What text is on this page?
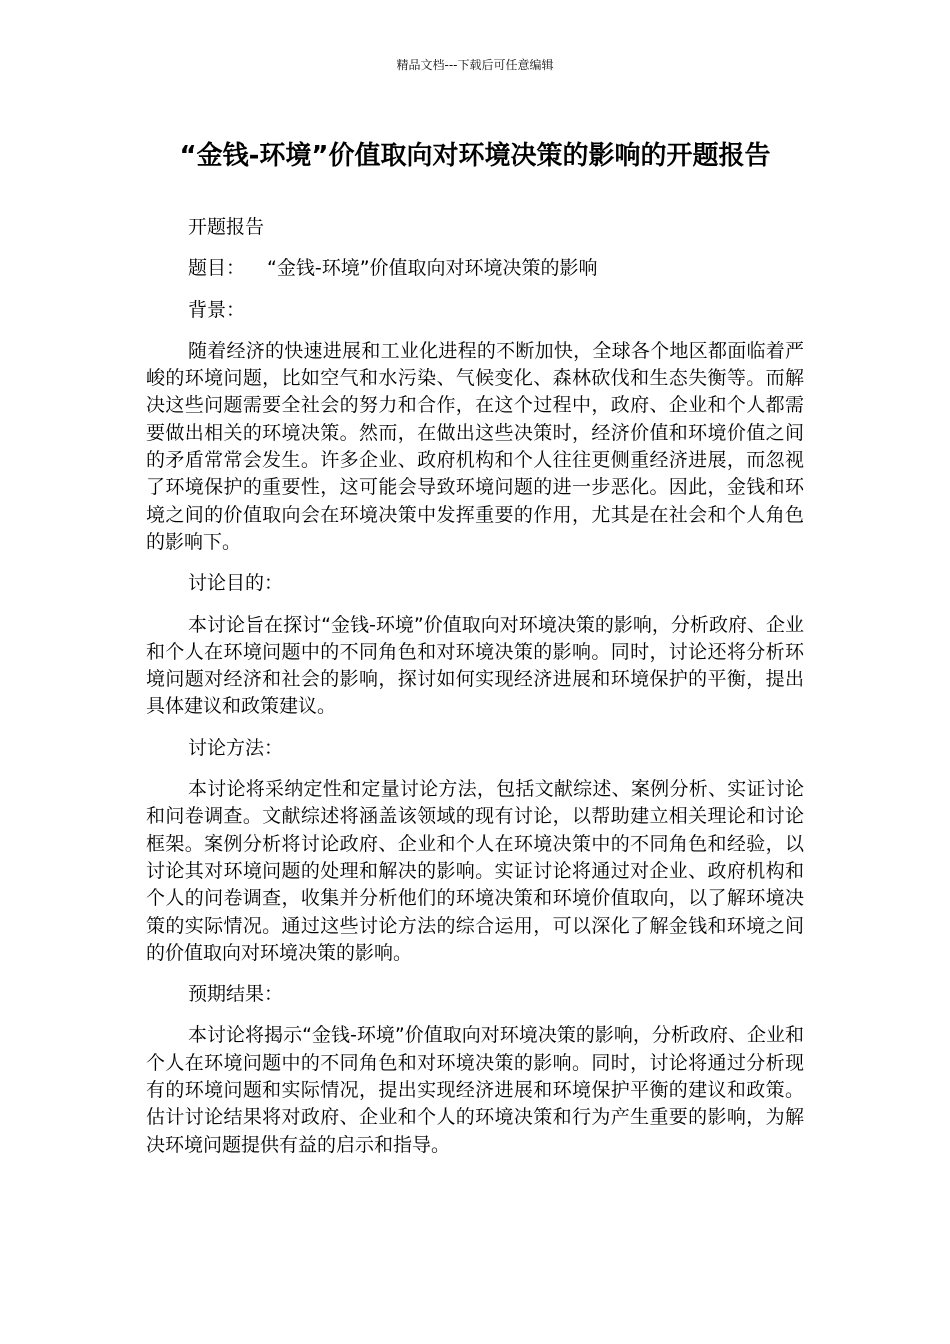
精品文档---下载后可任意编辑
“金钱-环境”价值取向对环境决策的影响的开题报告

开题报告

题目： “金钱-环境”价值取向对环境决策的影响

背景：

随着经济的快速进展和工业化进程的不断加快，全球各个地区都面临着严峻的环境问题，比如空气和水污染、气候变化、森林砍伐和生态失衡等。而解决这些问题需要全社会的努力和合作，在这个过程中，政府、企业和个人都需要做出相关的环境决策。然而，在做出这些决策时，经济价值和环境价值之间的矛盾常常会发生。许多企业、政府机构和个人往往更侧重经济进展，而忽视了环境保护的重要性，这可能会导致环境问题的进一步恶化。因此，金钱和环境之间的价值取向会在环境决策中发挥重要的作用，尤其是在社会和个人角色的影响下。

讨论目的：

本讨论旨在探讨“金钱-环境”价值取向对环境决策的影响，分析政府、企业和个人在环境问题中的不同角色和对环境决策的影响。同时，讨论还将分析环境问题对经济和社会的影响，探讨如何实现经济进展和环境保护的平衡，提出具体建议和政策建议。

讨论方法：

本讨论将采纳定性和定量讨论方法，包括文献综述、案例分析、实证讨论和问卷调查。文献综述将涵盖该领域的现有讨论，以帮助建立相关理论和讨论框架。案例分析将讨论政府、企业和个人在环境决策中的不同角色和经验，以讨论其对环境问题的处理和解决的影响。实证讨论将通过对企业、政府机构和个人的问卷调查，收集并分析他们的环境决策和环境价值取向，以了解环境决策的实际情况。通过这些讨论方法的综合运用，可以深化了解金钱和环境之间的价值取向对环境决策的影响。

预期结果：

本讨论将揭示“金钱-环境”价值取向对环境决策的影响，分析政府、企业和个人在环境问题中的不同角色和对环境决策的影响。同时，讨论将通过分析现有的环境问题和实际情况，提出实现经济进展和环境保护平衡的建议和政策。估计讨论结果将对政府、企业和个人的环境决策和行为产生重要的影响，为解决环境问题提供有益的启示和指导。
